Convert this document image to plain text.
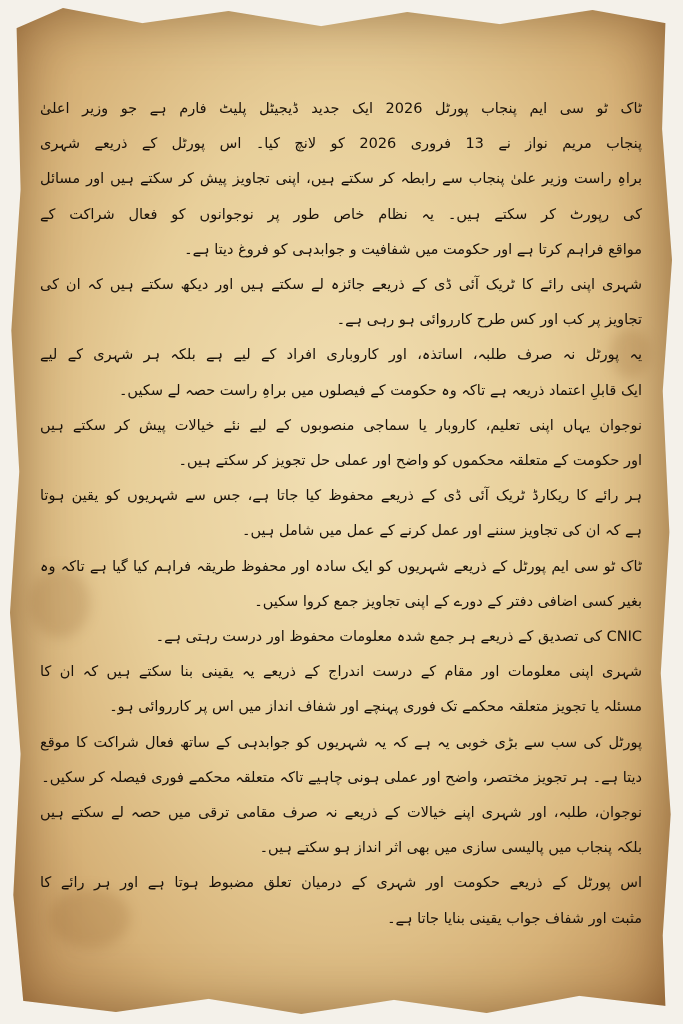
ٹاک ٹو سی ایم پنجاب پورٹل 2026 ایک جدید ڈیجیٹل پلیٹ فارم ہے جو وزیر اعلیٰ
پنجاب مریم نواز نے 13 فروری 2026 کو لانچ کیا۔ اس پورٹل کے ذریعے شہری
براہِ راست وزیر علیٰ پنجاب سے رابطہ کر سکتے ہیں، اپنی تجاویز پیش کر سکتے ہیں اور مسائل
کی رپورٹ کر سکتے ہیں۔ یہ نظام خاص طور پر نوجوانوں کو فعال شراکت کے
مواقع فراہم کرتا ہے اور حکومت میں شفافیت و جوابدہی کو فروغ دیتا ہے۔
شہری اپنی رائے کا ٹریک آئی ڈی کے ذریعے جائزہ لے سکتے ہیں اور دیکھ سکتے ہیں کہ ان کی
تجاویز پر کب اور کس طرح کارروائی ہو رہی ہے۔
یہ پورٹل نہ صرف طلبہ، اساتذہ، اور کاروباری افراد کے لیے ہے بلکہ ہر شہری کے لیے
ایک قابلِ اعتماد ذریعہ ہے تاکہ وہ حکومت کے فیصلوں میں براہِ راست حصہ لے سکیں۔
نوجوان یہاں اپنی تعلیم، کاروبار یا سماجی منصوبوں کے لیے نئے خیالات پیش کر سکتے ہیں
اور حکومت کے متعلقہ محکموں کو واضح اور عملی حل تجویز کر سکتے ہیں۔
ہر رائے کا ریکارڈ ٹریک آئی ڈی کے ذریعے محفوظ کیا جاتا ہے، جس سے شہریوں کو یقین ہوتا
ہے کہ ان کی تجاویز سننے اور عمل کرنے کے عمل میں شامل ہیں۔
ٹاک ٹو سی ایم پورٹل کے ذریعے شہریوں کو ایک سادہ اور محفوظ طریقہ فراہم کیا گیا ہے تاکہ وہ
بغیر کسی اضافی دفتر کے دورے کے اپنی تجاویز جمع کروا سکیں۔
CNIC کی تصدیق کے ذریعے ہر جمع شدہ معلومات محفوظ اور درست رہتی ہے۔
شہری اپنی معلومات اور مقام کے درست اندراج کے ذریعے یہ یقینی بنا سکتے ہیں کہ ان کا
مسئلہ یا تجویز متعلقہ محکمے تک فوری پہنچے اور شفاف انداز میں اس پر کارروائی ہو۔
پورٹل کی سب سے بڑی خوبی یہ ہے کہ یہ شہریوں کو جوابدہی کے ساتھ فعال شراکت کا موقع
دیتا ہے۔ ہر تجویز مختصر، واضح اور عملی ہونی چاہیے تاکہ متعلقہ محکمے فوری فیصلہ کر سکیں۔
نوجوان، طلبہ، اور شہری اپنے خیالات کے ذریعے نہ صرف مقامی ترقی میں حصہ لے سکتے ہیں
بلکہ پنجاب میں پالیسی سازی میں بھی اثر انداز ہو سکتے ہیں۔
اس پورٹل کے ذریعے حکومت اور شہری کے درمیان تعلق مضبوط ہوتا ہے اور ہر رائے کا
مثبت اور شفاف جواب یقینی بنایا جاتا ہے۔
